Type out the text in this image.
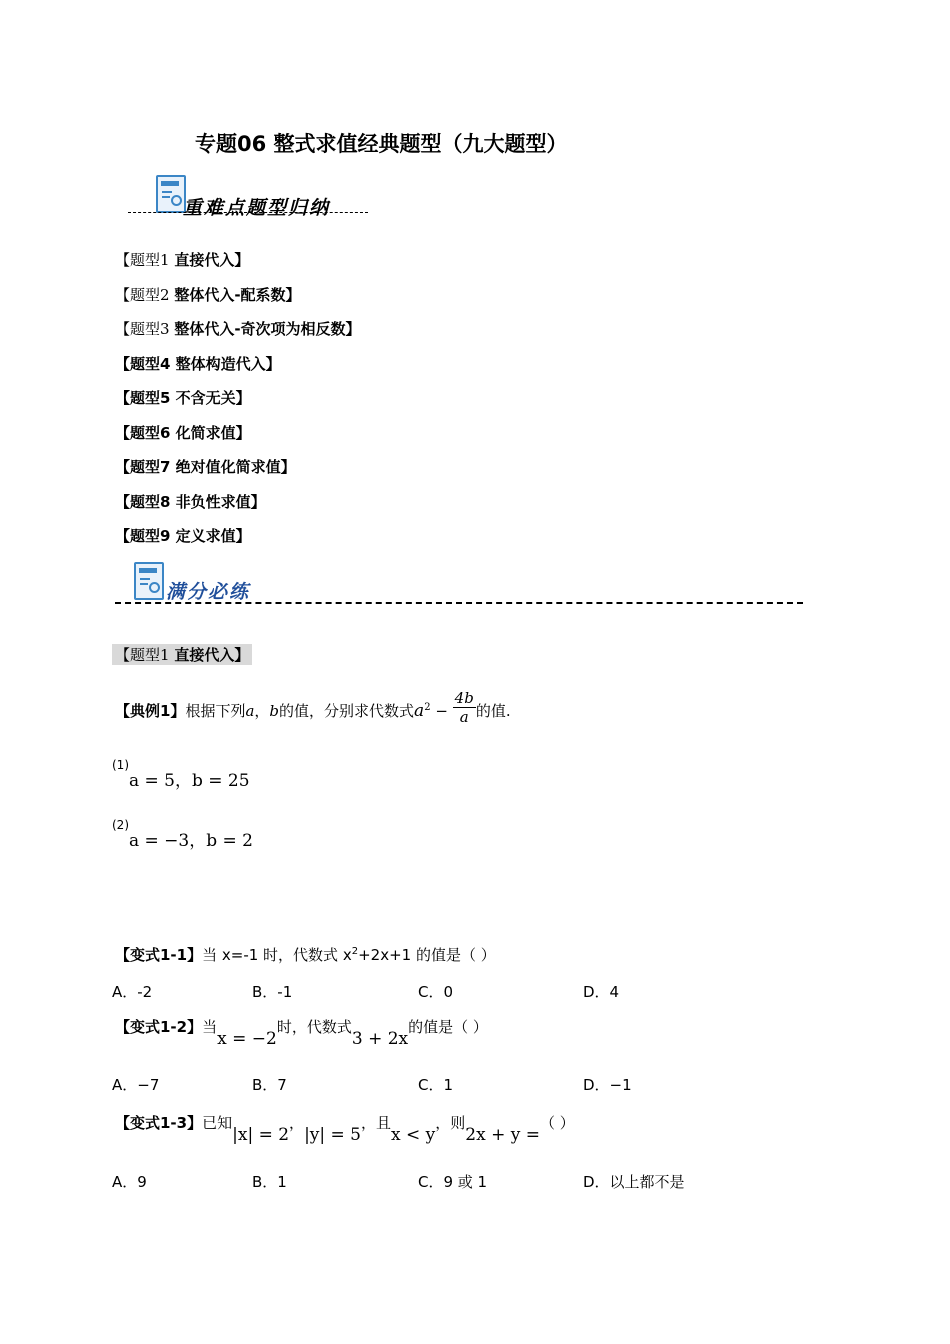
专题06 整式求值经典题型（九大题型）
重难点题型归纳
【题型1 直接代入】
【题型2 整体代入-配系数】
【题型3 整体代入-奇次项为相反数】
【题型4 整体构造代入】
【题型5 不含无关】
【题型6 化简求值】
【题型7 绝对值化简求值】
【题型8 非负性求值】
【题型9 定义求值】
满分必练
【题型1 直接代入】
【典例1】根据下列a，b的值，分别求代数式$a^2 - \frac{4b}{a}$ 的值.
$^{(1)}$a = 5，b = 25
$^{(2)}$a = −3，b = 2
【变式1-1】当 x=-1 时，代数式 $x^2+2x+1$ 的值是（ ）
A．-2	B．-1	C．0	D．4
【变式1-2】当x = −2时，代数式3 + 2x的值是（ ）
A．−7	B．7	C．1	D．−1
【变式1-3】已知|x| = 2，|y| = 5，且x < y，则2x + y =（ ）
A．9	B．1	C．9 或 1	D．以上都不是
